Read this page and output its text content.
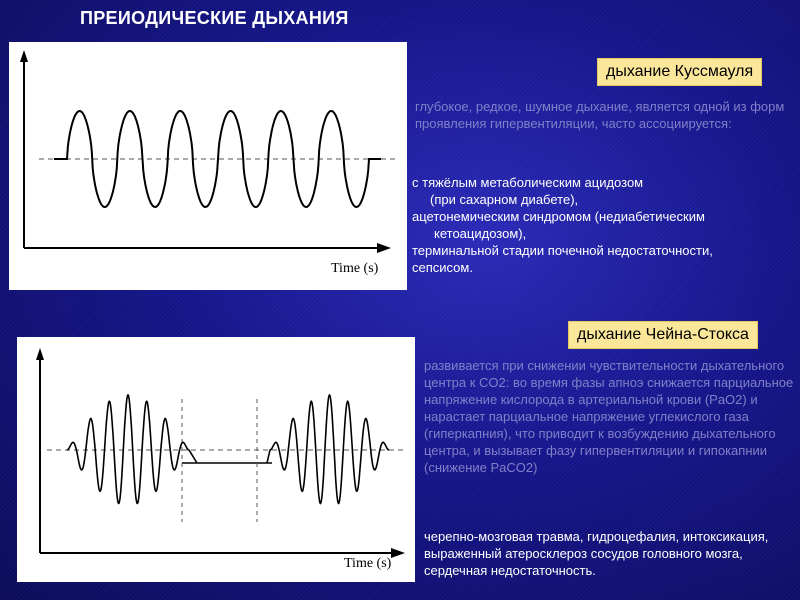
ПРЕИОДИЧЕСКИЕ ДЫХАНИЯ
Time (s)
дыхание Куссмауля
глубокое, редкое, шумное дыхание, является одной из форм проявления гипервентиляции, часто ассоциируется:
с тяжёлым метаболическим ацидозом
(при сахарном диабете),
ацетонемическим синдромом (недиабетическим
кетоацидозом),
терминальной стадии почечной недостаточности,
сепсисом.
Time (s)
дыхание Чейна-Стокса
развивается при снижении чувствительности дыхательного центра к CO2: во время фазы апноэ снижается парциальное напряжение кислорода в артериальной крови (PaO2) и нарастает парциальное напряжение углекислого газа (гиперкапния), что приводит к возбуждению дыхательного центра, и вызывает фазу гипервентиляции и гипокапнии (снижение PaCO2)
черепно-мозговая травма, гидроцефалия, интоксикация, выраженный атеросклероз сосудов головного мозга, сердечная недостаточность.
